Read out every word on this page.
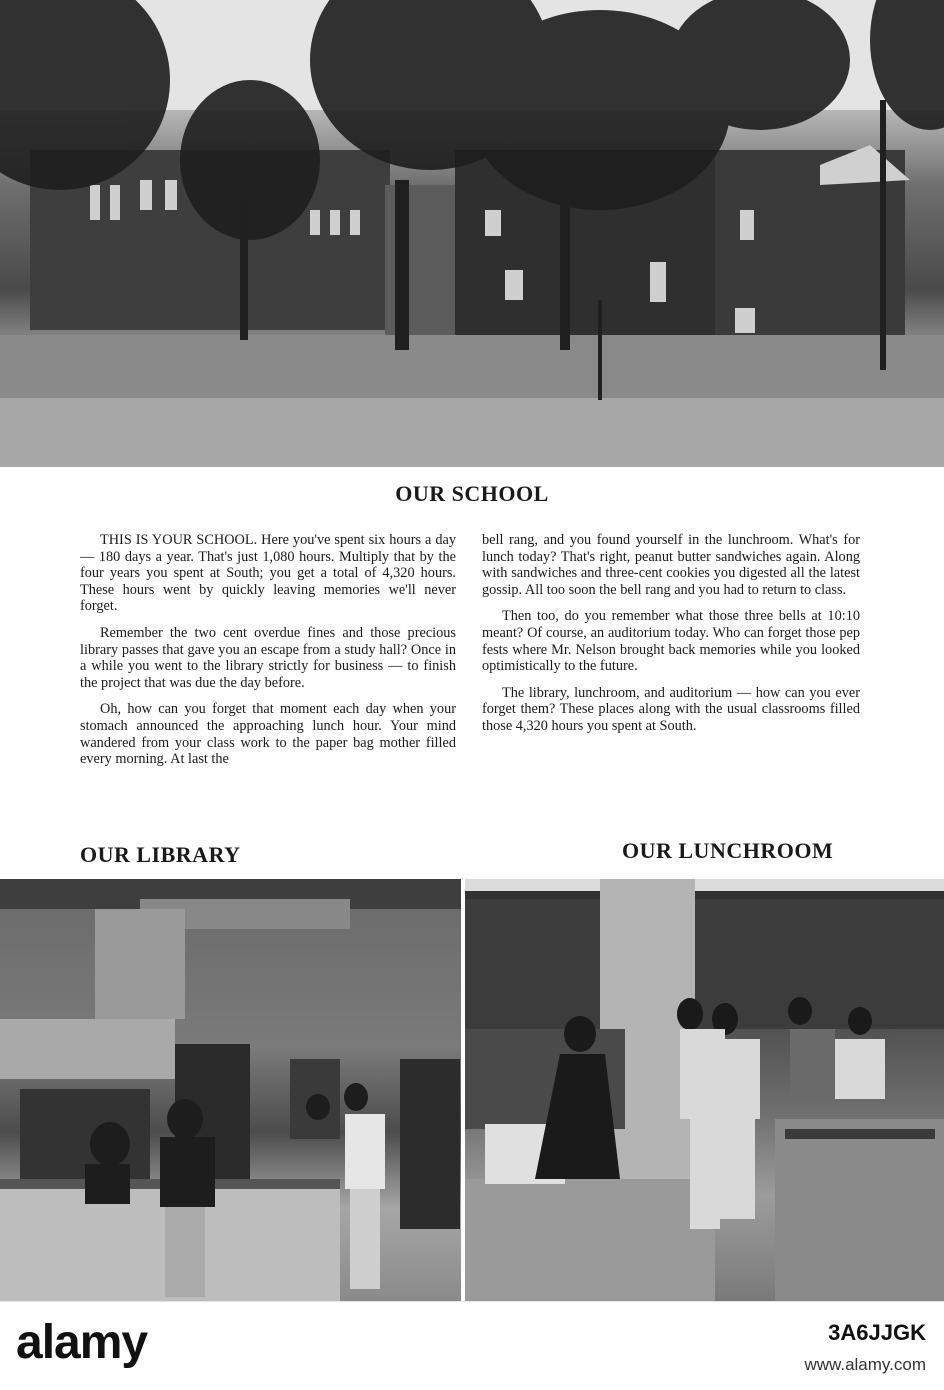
OUR SCHOOL

THIS IS YOUR SCHOOL. Here you've spent six hours a day — 180 days a year. That's just 1,080 hours. Multiply that by the four years you spent at South; you get a total of 4,320 hours. These hours went by quickly leaving memories we'll never forget.

Remember the two cent overdue fines and those precious library passes that gave you an escape from a study hall? Once in a while you went to the library strictly for business — to finish the project that was due the day before.

Oh, how can you forget that moment each day when your stomach announced the approaching lunch hour. Your mind wandered from your class work to the paper bag mother filled every morning. At last the

bell rang, and you found yourself in the lunchroom. What's for lunch today? That's right, peanut butter sandwiches again. Along with sandwiches and three-cent cookies you digested all the latest gossip. All too soon the bell rang and you had to return to class.

Then too, do you remember what those three bells at 10:10 meant? Of course, an auditorium today. Who can forget those pep fests where Mr. Nelson brought back memories while you looked optimistically to the future.

The library, lunchroom, and auditorium — how can you ever forget them? These places along with the usual classrooms filled those 4,320 hours you spent at South.

OUR LIBRARY	OUR LUNCHROOM

alamy	3A6JJGK

www.alamy.com
